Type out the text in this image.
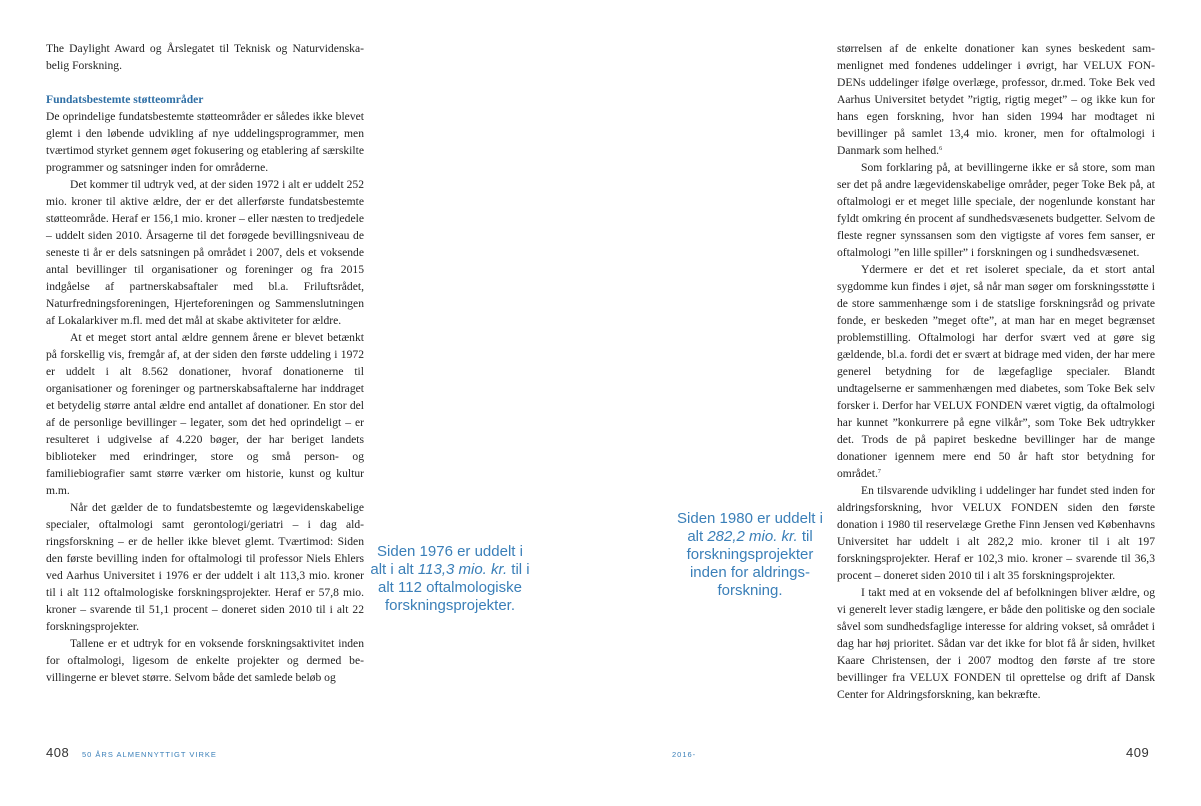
The Daylight Award og Årslegatet til Teknisk og Naturvidenskabelig Forskning.

Fundatsbestemte støtteområder

De oprindelige fundatsbestemte støtteområder er således ikke blevet glemt i den løbende udvikling af nye uddelingsprogrammer, men tværtimod styrket gennem øget fokusering og etablering af særskilte programmer og satsninger inden for områderne.

Det kommer til udtryk ved, at der siden 1972 i alt er uddelt 252 mio. kroner til aktive ældre, der er det allerførste fundatsbestemte støtteområde. Heraf er 156,1 mio. kroner – eller næsten to tredjedele – uddelt siden 2010. Årsagerne til det forøgede bevillingsniveau de seneste ti år er dels satsningen på området i 2007, dels et voksende antal bevillinger til organisationer og foreninger og fra 2015 indgåelse af partnerskabsaftaler med bl.a. Friluftsrådet, Naturfredningsforeningen, Hjerteforeningen og Sammenslutningen af Lokalarkiver m.fl. med det mål at skabe aktiviteter for ældre.

At et meget stort antal ældre gennem årene er blevet betænkt på forskellig vis, fremgår af, at der siden den første uddeling i 1972 er uddelt i alt 8.562 donationer, hvoraf donationerne til organisationer og foreninger og partnerskabsaftalerne har inddraget et betydelig større antal ældre end antallet af donationer. En stor del af de personlige bevillinger – legater, som det hed oprindeligt – er resulteret i udgivelse af 4.220 bøger, der har beriget landets biblioteker med erindringer, store og små person- og familiebiografier samt større værker om historie, kunst og kultur m.m.

Når det gælder de to fundatsbestemte og lægevidenskabelige specialer, oftalmologi samt gerontologi/geriatri – i dag aldringsforskning – er de heller ikke blevet glemt. Tværtimod: Siden den første bevilling inden for oftalmologi til professor Niels Ehlers ved Aarhus Universitet i 1976 er der uddelt i alt 113,3 mio. kroner til i alt 112 oftalmologiske forskningsprojekter. Heraf er 57,8 mio. kroner – svarende til 51,1 procent – doneret siden 2010 til i alt 22 forskningsprojekter.

Tallene er et udtryk for en voksende forskningsaktivitet inden for oftalmologi, ligesom de enkelte projekter og dermed bevillingerne er blevet større. Selvom både det samlede beløb og

Siden 1976 er uddelt i alt i alt 113,3 mio. kr. til i alt 112 oftalmologiske forskningsprojekter.
Siden 1980 er uddelt i alt 282,2 mio. kr. til forskningsprojekter inden for aldringsforskning.

størrelsen af de enkelte donationer kan synes beskedent sammenlignet med fondenes uddelinger i øvrigt, har VELUX FONDENs uddelinger ifølge overlæge, professor, dr.med. Toke Bek ved Aarhus Universitet betydet ”rigtig, rigtig meget” – og ikke kun for hans egen forskning, hvor han siden 1994 har modtaget ni bevillinger på samlet 13,4 mio. kroner, men for oftalmologi i Danmark som helhed.$^6$

Som forklaring på, at bevillingerne ikke er så store, som man ser det på andre lægevidenskabelige områder, peger Toke Bek på, at oftalmologi er et meget lille speciale, der nogenlunde konstant har fyldt omkring én procent af sundhedsvæsenets budgetter. Selvom de fleste regner synssansen som den vigtigste af vores fem sanser, er oftalmologi ”en lille spiller” i forskningen og i sundhedsvæsenet.

Ydermere er det et ret isoleret speciale, da et stort antal sygdomme kun findes i øjet, så når man søger om forskningsstøtte i de store sammenhænge som i de statslige forskningsråd og private fonde, er beskeden ”meget ofte”, at man har en meget begrænset problemstilling. Oftalmologi har derfor svært ved at gøre sig gældende, bl.a. fordi det er svært at bidrage med viden, der har mere generel betydning for de lægefaglige specialer. Blandt undtagelserne er sammenhængen med diabetes, som Toke Bek selv forsker i. Derfor har VELUX FONDEN været vigtig, da oftalmologi har kunnet ”konkurrere på egne vilkår”, som Toke Bek udtrykker det. Trods de på papiret beskedne bevillinger har de mange donationer igennem mere end 50 år haft stor betydning for området.$^7$

En tilsvarende udvikling i uddelinger har fundet sted inden for aldringsforskning, hvor VELUX FONDEN siden den første donation i 1980 til reservelæge Grethe Finn Jensen ved Københavns Universitet har uddelt i alt 282,2 mio. kroner til i alt 197 forskningsprojekter. Heraf er 102,3 mio. kroner – svarende til 36,3 procent – doneret siden 2010 til i alt 35 forskningsprojekter.

I takt med at en voksende del af befolkningen bliver ældre, og vi generelt lever stadig længere, er både den politiske og den sociale såvel som sundhedsfaglige interesse for aldring vokset, så området i dag har høj prioritet. Sådan var det ikke for blot få år siden, hvilket Kaare Christensen, der i 2007 modtog den første af tre store bevillinger fra VELUX FONDEN til oprettelse og drift af Dansk Center for Aldringsforskning, kan bekræfte.

408 50 ÅRS ALMENNYTTIGT VIRKE	2016-	409
